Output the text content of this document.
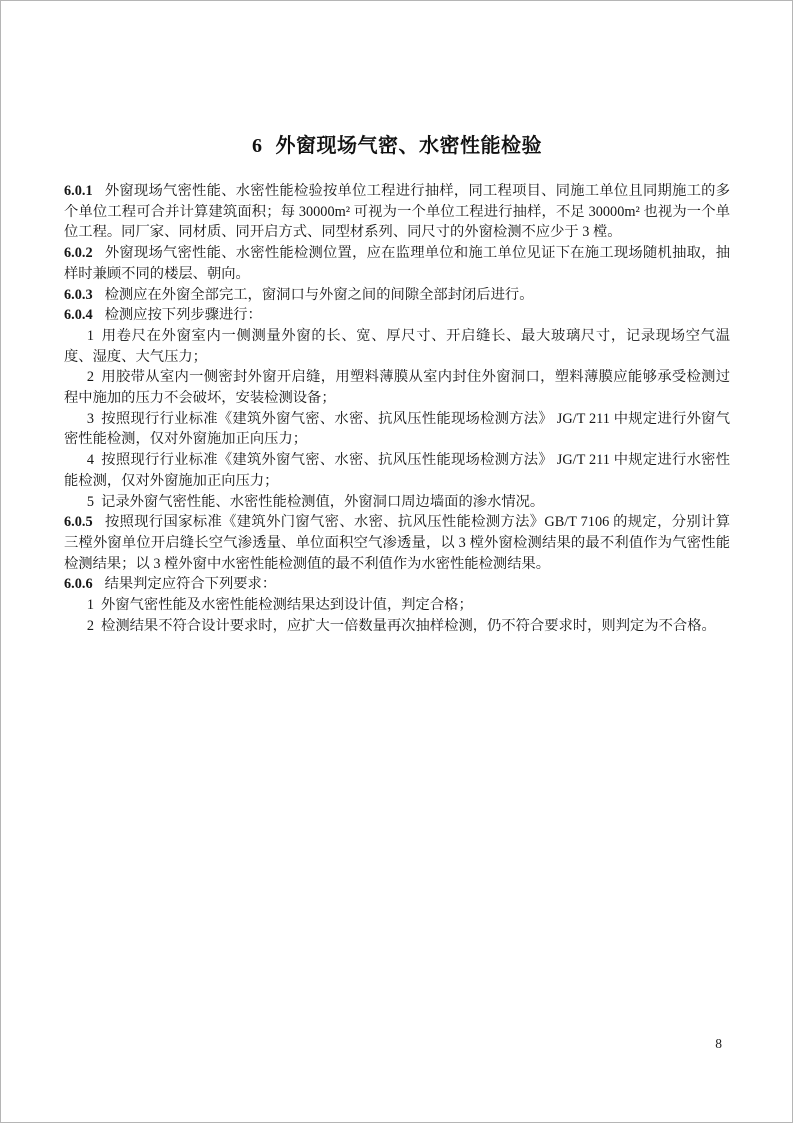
6 外窗现场气密、水密性能检验

6.0.1 外窗现场气密性能、水密性能检验按单位工程进行抽样，同工程项目、同施工单位且同期施工的多个单位工程可合并计算建筑面积；每 30000m² 可视为一个单位工程进行抽样，不足 30000m² 也视为一个单位工程。同厂家、同材质、同开启方式、同型材系列、同尺寸的外窗检测不应少于 3 樘。

6.0.2 外窗现场气密性能、水密性能检测位置，应在监理单位和施工单位见证下在施工现场随机抽取，抽样时兼顾不同的楼层、朝向。

6.0.3 检测应在外窗全部完工，窗洞口与外窗之间的间隙全部封闭后进行。

6.0.4 检测应按下列步骤进行：

1 用卷尺在外窗室内一侧测量外窗的长、宽、厚尺寸、开启缝长、最大玻璃尺寸，记录现场空气温度、湿度、大气压力；

2 用胶带从室内一侧密封外窗开启缝，用塑料薄膜从室内封住外窗洞口，塑料薄膜应能够承受检测过程中施加的压力不会破坏，安装检测设备；

3 按照现行行业标准《建筑外窗气密、水密、抗风压性能现场检测方法》 JG/T 211 中规定进行外窗气密性能检测，仅对外窗施加正向压力；

4 按照现行行业标准《建筑外窗气密、水密、抗风压性能现场检测方法》 JG/T 211 中规定进行水密性能检测，仅对外窗施加正向压力；

5 记录外窗气密性能、水密性能检测值，外窗洞口周边墙面的渗水情况。

6.0.5 按照现行国家标准《建筑外门窗气密、水密、抗风压性能检测方法》GB/T 7106 的规定，分别计算三樘外窗单位开启缝长空气渗透量、单位面积空气渗透量，以 3 樘外窗检测结果的最不利值作为气密性能检测结果；以 3 樘外窗中水密性能检测值的最不利值作为水密性能检测结果。

6.0.6 结果判定应符合下列要求：

1 外窗气密性能及水密性能检测结果达到设计值，判定合格；

2 检测结果不符合设计要求时，应扩大一倍数量再次抽样检测，仍不符合要求时，则判定为不合格。

8
